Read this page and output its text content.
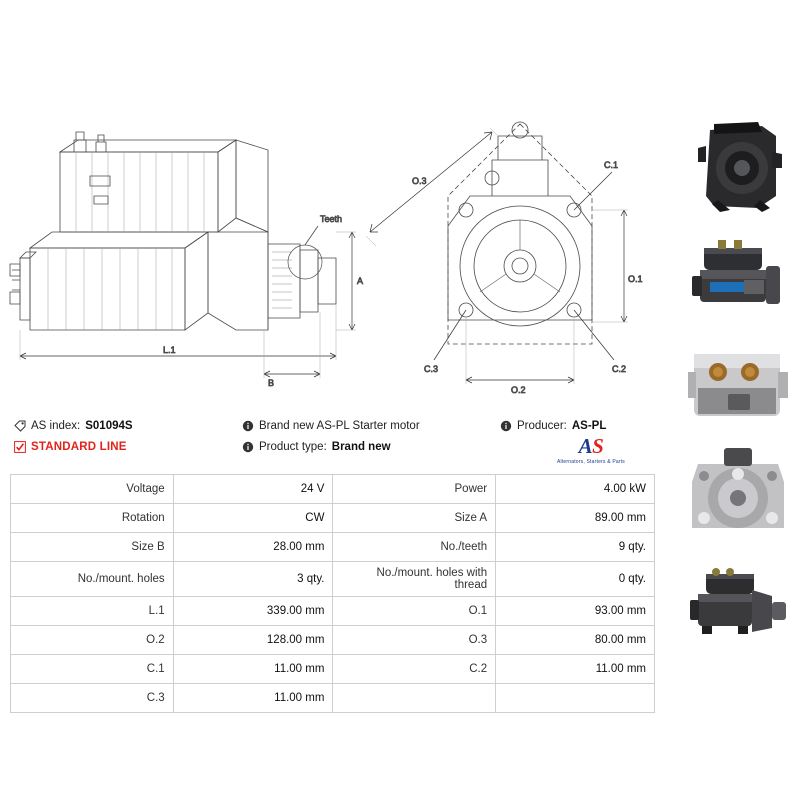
Teeth
A
L.1
B
O.3
O.1
O.2
C.1
C.2
C.3
AS index: S01094S	Brand new AS-PL Starter motor	Producer: AS-PL
STANDARD LINE	Product type: Brand new	AS
Alternators, Starters & Parts
Voltage	24 V	Power	4.00 kW
Rotation	CW	Size A	89.00 mm
Size B	28.00 mm	No./teeth	9 qty.
No./mount. holes	3 qty.	No./mount. holes with thread	0 qty.
L.1	339.00 mm	O.1	93.00 mm
O.2	128.00 mm	O.3	80.00 mm
C.1	11.00 mm	C.2	11.00 mm
C.3	11.00 mm		
